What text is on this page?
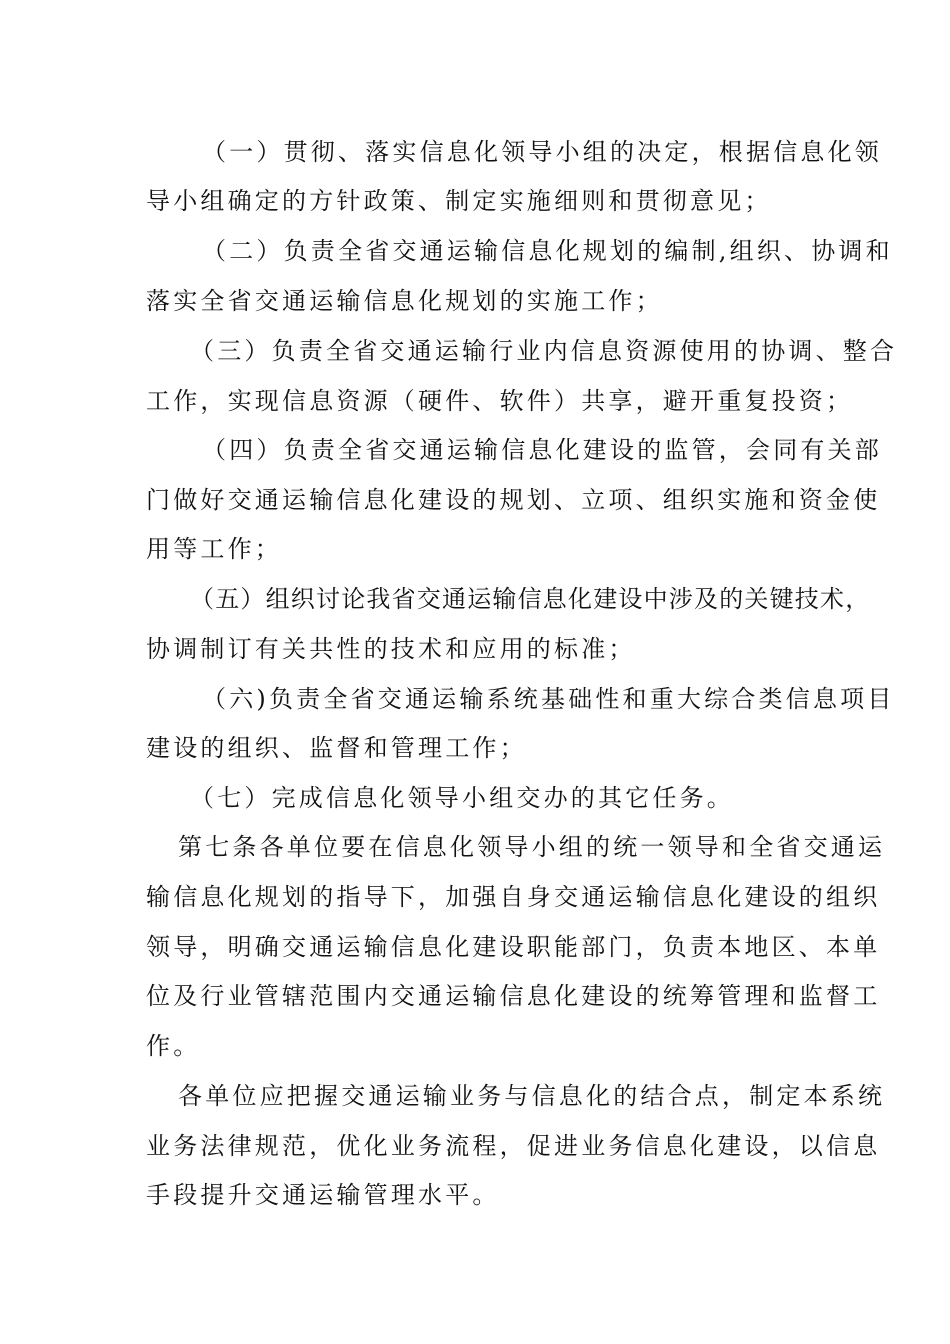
（一）贯彻、落实信息化领导小组的决定，根据信息化领
导小组确定的方针政策、制定实施细则和贯彻意见；
（二）负责全省交通运输信息化规划的编制,组织、协调和
落实全省交通运输信息化规划的实施工作；
（三）负责全省交通运输行业内信息资源使用的协调、整合
工作，实现信息资源（硬件、软件）共享，避开重复投资；
（四）负责全省交通运输信息化建设的监管，会同有关部
门做好交通运输信息化建设的规划、立项、组织实施和资金使
用等工作；
（五）组织讨论我省交通运输信息化建设中涉及的关键技术，
协调制订有关共性的技术和应用的标准；
（六)负责全省交通运输系统基础性和重大综合类信息项目
建设的组织、监督和管理工作；
（七）完成信息化领导小组交办的其它任务。
第七条各单位要在信息化领导小组的统一领导和全省交通运
输信息化规划的指导下，加强自身交通运输信息化建设的组织
领导，明确交通运输信息化建设职能部门，负责本地区、本单
位及行业管辖范围内交通运输信息化建设的统筹管理和监督工
作。
各单位应把握交通运输业务与信息化的结合点，制定本系统
业务法律规范，优化业务流程，促进业务信息化建设，以信息
手段提升交通运输管理水平。
